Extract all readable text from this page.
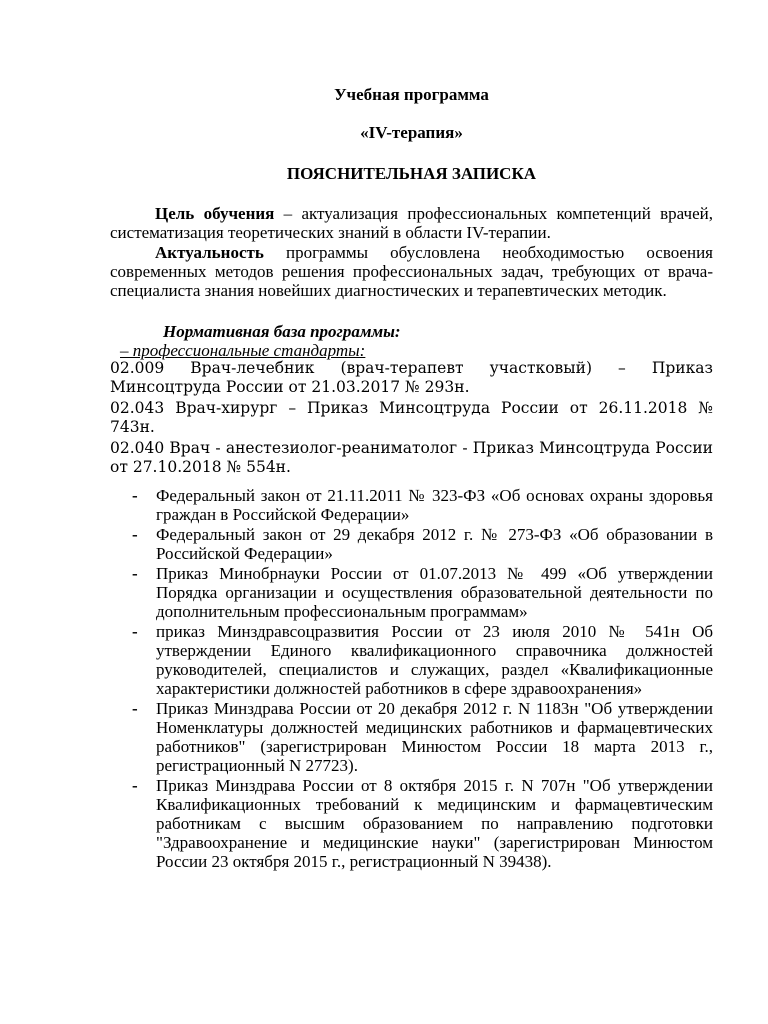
Учебная программа
«IV-терапия»
ПОЯСНИТЕЛЬНАЯ ЗАПИСКА
Цель обучения – актуализация профессиональных компетенций врачей, систематизация теоретических знаний в области IV-терапии.
Актуальность программы обусловлена необходимостью освоения современных методов решения профессиональных задач, требующих от врача-специалиста знания новейших диагностических и терапевтических методик.
Нормативная база программы:
– профессиональные стандарты:
02.009 Врач-лечебник (врач-терапевт участковый) – Приказ Минсоцтруда России от 21.03.2017 № 293н.
02.043 Врач-хирург – Приказ Минсоцтруда России от 26.11.2018 № 743н.
02.040 Врач - анестезиолог-реаниматолог - Приказ Минсоцтруда России от 27.10.2018 № 554н.
- Федеральный закон от 21.11.2011 № 323-ФЗ «Об основах охраны здоровья граждан в Российской Федерации»
- Федеральный закон от 29 декабря 2012 г. № 273-ФЗ «Об образовании в Российской Федерации»
- Приказ Минобрнауки России от 01.07.2013 № 499 «Об утверждении Порядка организации и осуществления образовательной деятельности по дополнительным профессиональным программам»
- приказ Минздравсоцразвития России от 23 июля 2010 № 541н Об утверждении Единого квалификационного справочника должностей руководителей, специалистов и служащих, раздел «Квалификационные характеристики должностей работников в сфере здравоохранения»
- Приказ Минздрава России от 20 декабря 2012 г. N 1183н "Об утверждении Номенклатуры должностей медицинских работников и фармацевтических работников" (зарегистрирован Минюстом России 18 марта 2013 г., регистрационный N 27723).
- Приказ Минздрава России от 8 октября 2015 г. N 707н "Об утверждении Квалификационных требований к медицинским и фармацевтическим работникам с высшим образованием по направлению подготовки "Здравоохранение и медицинские науки" (зарегистрирован Минюстом России 23 октября 2015 г., регистрационный N 39438).
